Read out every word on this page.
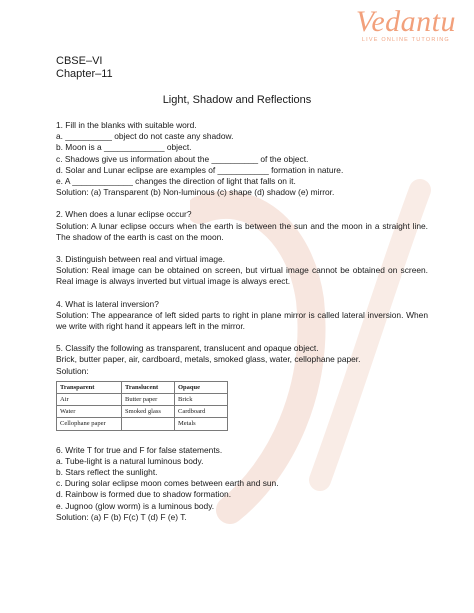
Vedantu
LIVE ONLINE TUTORING
CBSE–VI
Chapter–11
Light, Shadow and Reflections
1. Fill in the blanks with suitable word.
a. __________ object do not caste any shadow.
b. Moon is a _____________ object.
c. Shadows give us information about the __________ of the object.
d. Solar and Lunar eclipse are examples of ___________ formation in nature.
e. A _____________ changes the direction of light that falls on it.
Solution: (a) Transparent (b) Non-luminous (c) shape (d) shadow (e) mirror.
2. When does a lunar eclipse occur?
Solution: A lunar eclipse occurs when the earth is between the sun and the moon in a straight line. The shadow of the earth is cast on the moon.
3. Distinguish between real and virtual image.
Solution: Real image can be obtained on screen, but virtual image cannot be obtained on screen. Real image is always inverted but virtual image is always erect.
4. What is lateral inversion?
Solution: The appearance of left sided parts to right in plane mirror is called lateral inversion. When we write with right hand it appears left in the mirror.
5. Classify the following as transparent, translucent and opaque object.
Brick, butter paper, air, cardboard, metals, smoked glass, water, cellophane paper.
Solution:
Transparent	Translucent	Opaque
Air	Butter paper	Brick
Water	Smoked glass	Cardboard
Cellophane paper		Metals
6. Write T for true and F for false statements.
a. Tube-light is a natural luminous body.
b. Stars reflect the sunlight.
c. During solar eclipse moon comes between earth and sun.
d. Rainbow is formed due to shadow formation.
e. Jugnoo (glow worm) is a luminous body.
Solution: (a) F (b) F(c) T (d) F (e) T.
